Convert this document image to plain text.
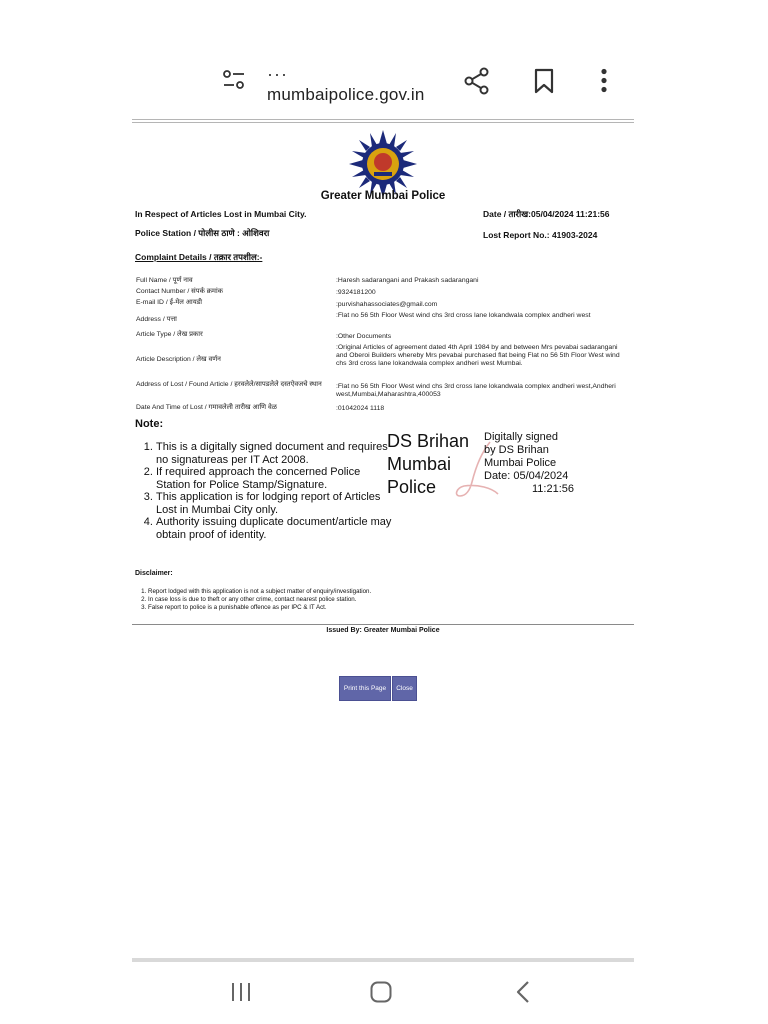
···
mumbaipolice.gov.in
Greater Mumbai Police
In Respect of Articles Lost in Mumbai City.	Date / तारीख:05/04/2024 11:21:56
Police Station / पोलीस ठाणे : ओशिवरा	Lost Report No.: 41903-2024
Complaint Details / तक्रार तपशील:-
Full Name / पूर्ण नाव	:Haresh sadarangani and Prakash sadarangani
Contact Number / संपर्क क्रमांक	:9324181200
E-mail ID / ई-मेल आयडी	:purvishahassociates@gmail.com
Address / पत्ता
:Flat no 56 5th Floor West wind chs 3rd cross lane lokandwala complex andheri west
Article Type / लेख प्रकार	:Other Documents
Article Description / लेख वर्णन
:Original Articles of agreement dated 4th April 1984 by and between Mrs pevabai sadarangani and Oberoi Builders whereby Mrs pevabai purchased flat being Flat no 56 5th Floor West wind chs 3rd cross lane lokandwala complex andheri west Mumbai.
Address of Lost / Found Article / हरवलेले/सापडलेले दस्तऐवजचे स्थान	:Flat no 56 5th Floor West wind chs 3rd cross lane lokandwala complex andheri west,Andheri west,Mumbai,Maharashtra,400053
Date And Time of Lost / गमावलेली तारीख आणि वेळ	:01042024 1118
Note:
1. This is a digitally signed document and requires no signatureas per IT Act 2008.
2. If required approach the concerned Police Station for Police Stamp/Signature.
3. This application is for lodging report of Articles Lost in Mumbai City only.
4. Authority issuing duplicate document/article may obtain proof of identity.
DS Brihan Mumbai Police
Digitally signed
by DS Brihan
Mumbai Police
Date: 05/04/2024

11:21:56
Disclaimer:
1. Report lodged with this application is not a subject matter of enquiry/investigation.
2. In case loss is due to theft or any other crime, contact nearest police station.
3. False report to police is a punishable offence as per IPC & IT Act.
Issued By: Greater Mumbai Police
Print this Page	Close
